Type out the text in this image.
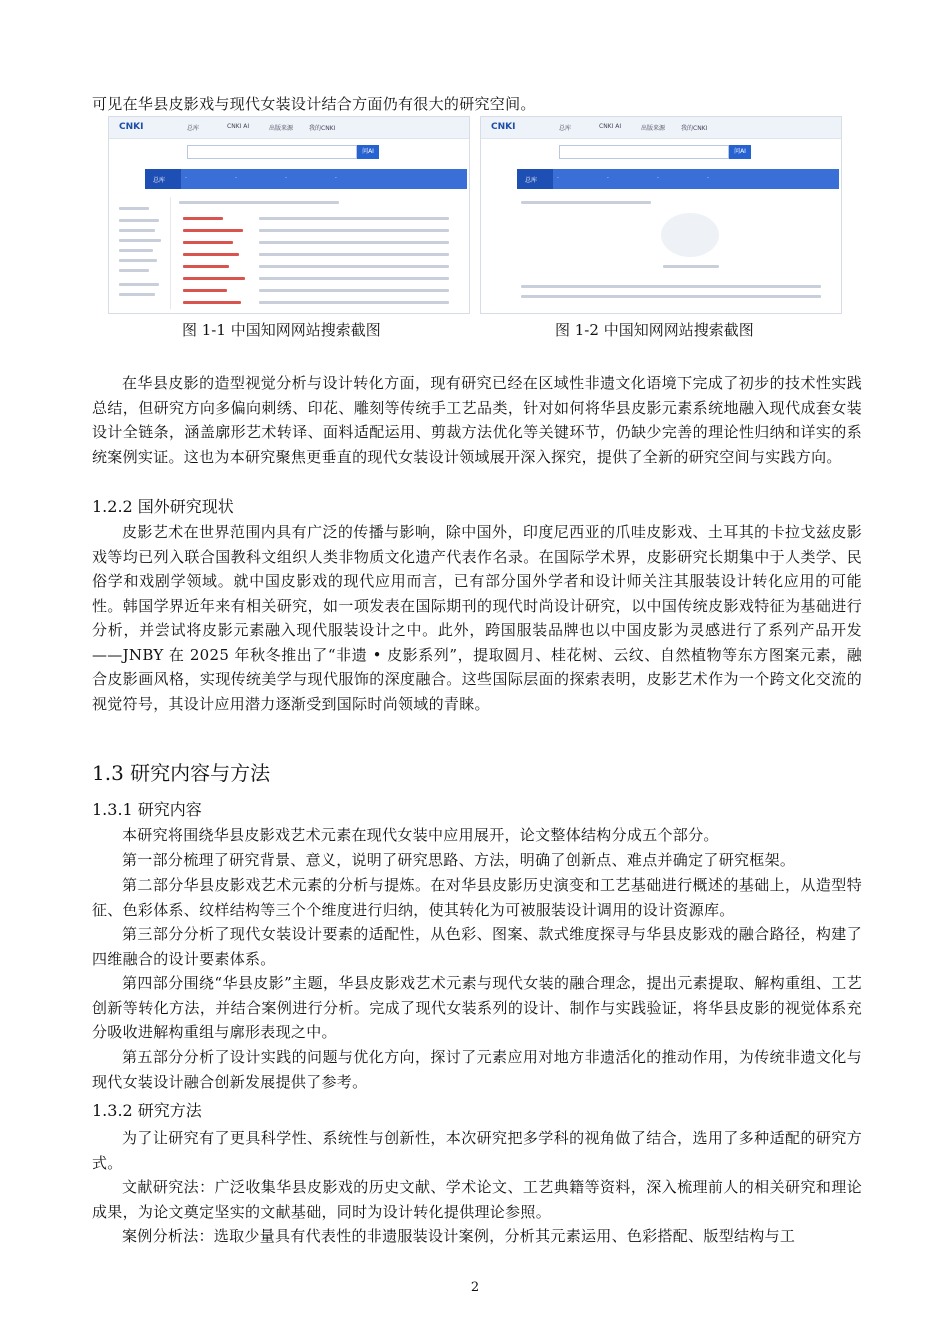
可见在华县皮影戏与现代女装设计结合方面仍有很大的研究空间。
CNKI	总库	CNKI AI	出版来源	我的CNKI
问AI
·	·	·	·
总库
图 1-1 中国知网网站搜索截图
CNKI	总库	CNKI AI	出版来源	我的CNKI
问AI
·	·	·	·
总库
图 1-2 中国知网网站搜索截图
在华县皮影的造型视觉分析与设计转化方面，现有研究已经在区域性非遗文化语境下完成了初步的技术性实践总结，但研究方向多偏向刺绣、印花、雕刻等传统手工艺品类，针对如何将华县皮影元素系统地融入现代成套女装设计全链条，涵盖廓形艺术转译、面料适配运用、剪裁方法优化等关键环节，仍缺少完善的理论性归纳和详实的系统案例实证。这也为本研究聚焦更垂直的现代女装设计领域展开深入探究，提供了全新的研究空间与实践方向。
1.2.2 国外研究现状
皮影艺术在世界范围内具有广泛的传播与影响，除中国外，印度尼西亚的爪哇皮影戏、土耳其的卡拉戈兹皮影戏等均已列入联合国教科文组织人类非物质文化遗产代表作名录。在国际学术界，皮影研究长期集中于人类学、民俗学和戏剧学领域。就中国皮影戏的现代应用而言，已有部分国外学者和设计师关注其服装设计转化应用的可能性。韩国学界近年来有相关研究，如一项发表在国际期刊的现代时尚设计研究，以中国传统皮影戏特征为基础进行分析，并尝试将皮影元素融入现代服装设计之中。此外，跨国服装品牌也以中国皮影为灵感进行了系列产品开发——JNBY 在 2025 年秋冬推出了“非遗 • 皮影系列”，提取圆月、桂花树、云纹、自然植物等东方图案元素，融合皮影画风格，实现传统美学与现代服饰的深度融合。这些国际层面的探索表明，皮影艺术作为一个跨文化交流的视觉符号，其设计应用潜力逐渐受到国际时尚领域的青睐。
1.3 研究内容与方法
1.3.1 研究内容
本研究将围绕华县皮影戏艺术元素在现代女装中应用展开，论文整体结构分成五个部分。
第一部分梳理了研究背景、意义，说明了研究思路、方法，明确了创新点、难点并确定了研究框架。
第二部分华县皮影戏艺术元素的分析与提炼。在对华县皮影历史演变和工艺基础进行概述的基础上，从造型特征、色彩体系、纹样结构等三个个维度进行归纳，使其转化为可被服装设计调用的设计资源库。
第三部分分析了现代女装设计要素的适配性，从色彩、图案、款式维度探寻与华县皮影戏的融合路径，构建了四维融合的设计要素体系。
第四部分围绕“华县皮影”主题，华县皮影戏艺术元素与现代女装的融合理念，提出元素提取、解构重组、工艺创新等转化方法，并结合案例进行分析。完成了现代女装系列的设计、制作与实践验证，将华县皮影的视觉体系充分吸收进解构重组与廓形表现之中。
第五部分分析了设计实践的问题与优化方向，探讨了元素应用对地方非遗活化的推动作用，为传统非遗文化与现代女装设计融合创新发展提供了参考。
1.3.2 研究方法
为了让研究有了更具科学性、系统性与创新性，本次研究把多学科的视角做了结合，选用了多种适配的研究方式。
文献研究法：广泛收集华县皮影戏的历史文献、学术论文、工艺典籍等资料，深入梳理前人的相关研究和理论成果，为论文奠定坚实的文献基础，同时为设计转化提供理论参照。
案例分析法：选取少量具有代表性的非遗服装设计案例，分析其元素运用、色彩搭配、版型结构与工
2
